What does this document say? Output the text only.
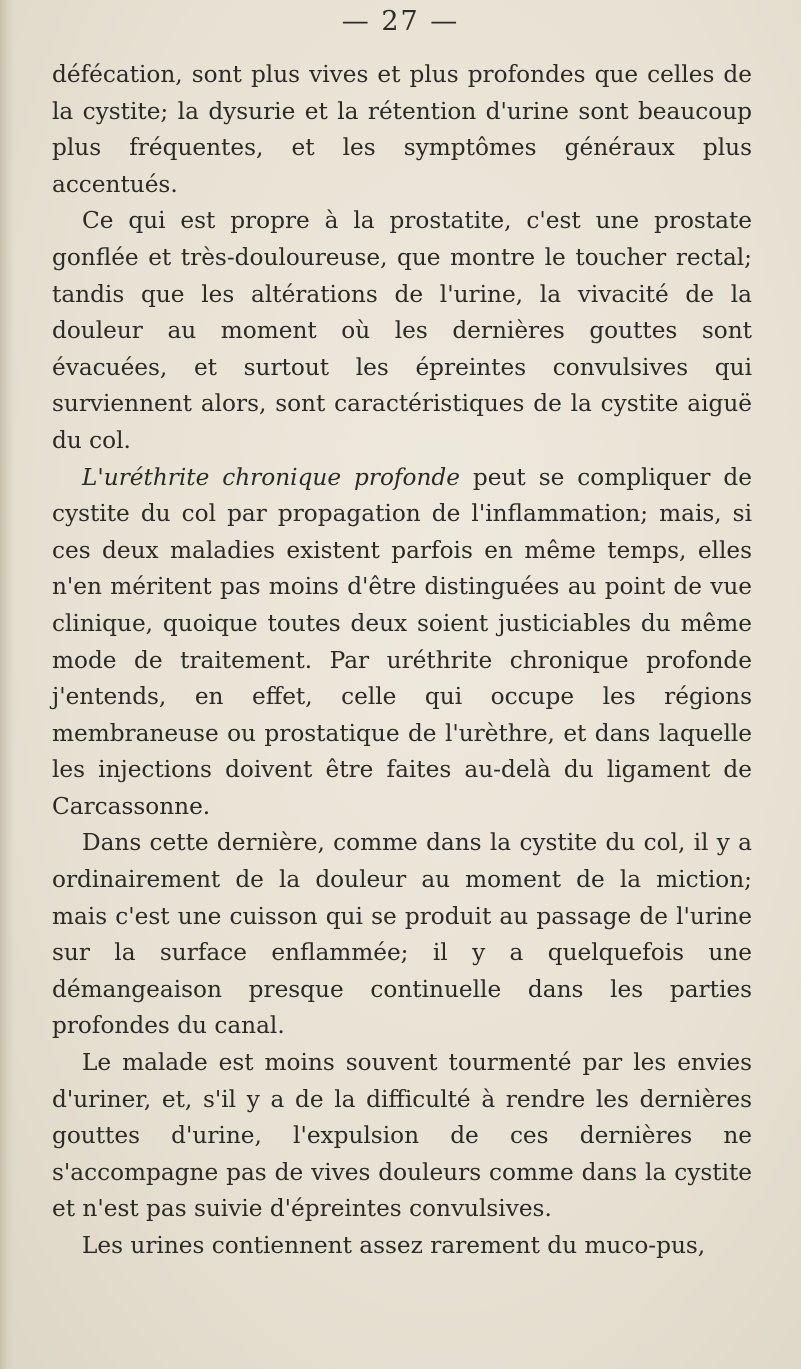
— 27 —

défécation, sont plus vives et plus profondes que celles de la cystite; la dysurie et la rétention d'urine sont beaucoup plus fréquentes, et les symptômes généraux plus accentués.

Ce qui est propre à la prostatite, c'est une prostate gonflée et très-douloureuse, que montre le toucher rectal; tandis que les altérations de l'urine, la vivacité de la douleur au moment où les dernières gouttes sont évacuées, et surtout les épreintes convulsives qui surviennent alors, sont caractéristiques de la cystite aiguë du col.

L'uréthrite chronique profonde peut se compliquer de cystite du col par propagation de l'inflammation; mais, si ces deux maladies existent parfois en même temps, elles n'en méritent pas moins d'être distinguées au point de vue clinique, quoique toutes deux soient justiciables du même mode de traitement. Par uréthrite chronique profonde j'entends, en effet, celle qui occupe les régions membraneuse ou prostatique de l'urèthre, et dans laquelle les injections doivent être faites au-delà du ligament de Carcassonne.

Dans cette dernière, comme dans la cystite du col, il y a ordinairement de la douleur au moment de la miction; mais c'est une cuisson qui se produit au passage de l'urine sur la surface enflammée; il y a quelquefois une démangeaison presque continuelle dans les parties profondes du canal.

Le malade est moins souvent tourmenté par les envies d'uriner, et, s'il y a de la difficulté à rendre les dernières gouttes d'urine, l'expulsion de ces dernières ne s'accompagne pas de vives douleurs comme dans la cystite et n'est pas suivie d'épreintes convulsives.

Les urines contiennent assez rarement du muco-pus,
